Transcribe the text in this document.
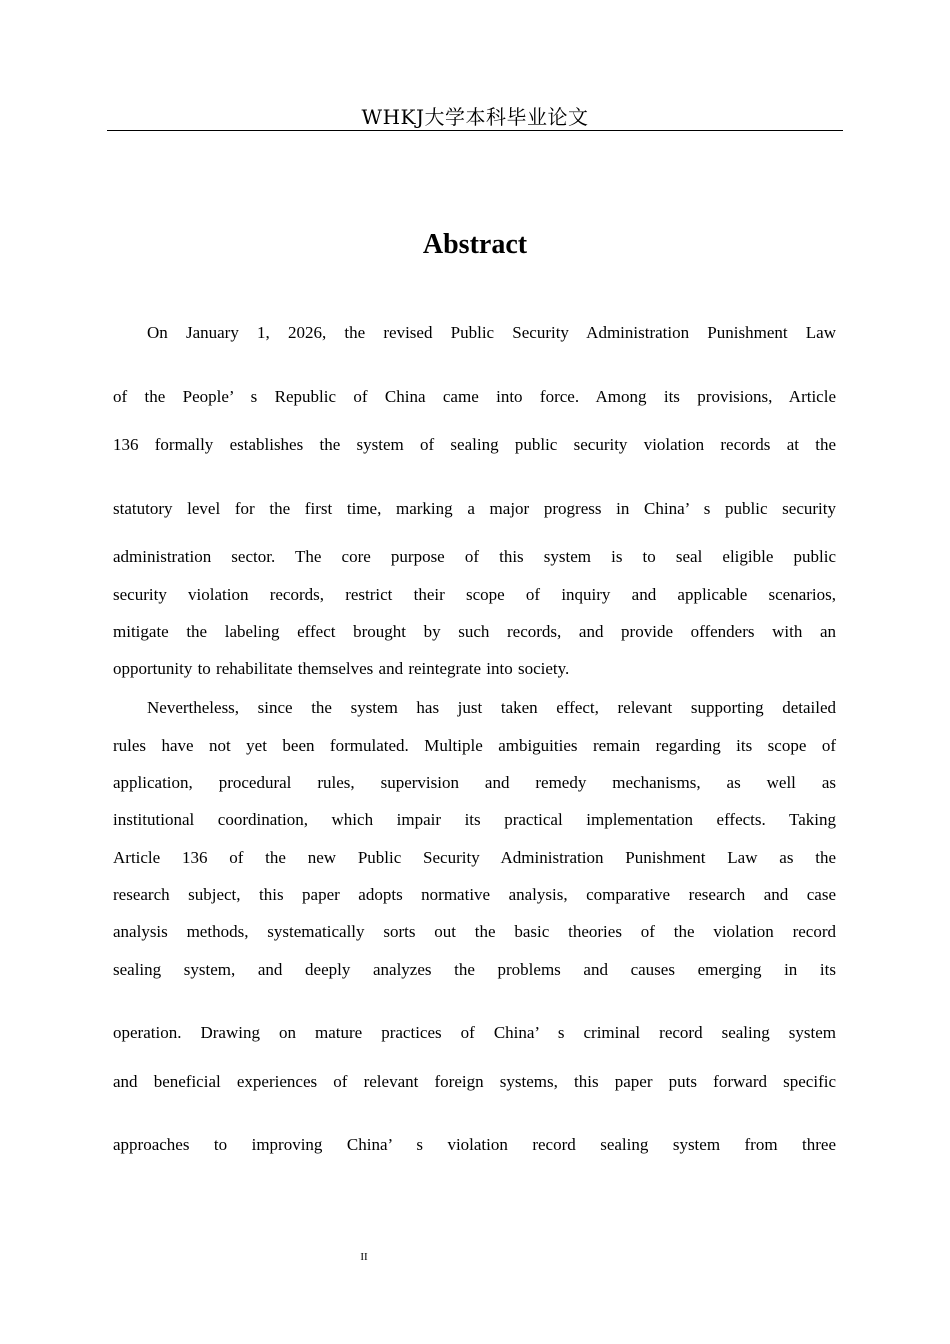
WHKJ大学本科毕业论文
Abstract
On January 1, 2026, the revised Public Security Administration Punishment Law
of the People’ s Republic of China came into force. Among its provisions, Article
136 formally establishes the system of sealing public security violation records at the
statutory level for the first time, marking a major progress in China’ s public security
administration sector. The core purpose of this system is to seal eligible public
security violation records, restrict their scope of inquiry and applicable scenarios,
mitigate the labeling effect brought by such records, and provide offenders with an
opportunity to rehabilitate themselves and reintegrate into society.
Nevertheless, since the system has just taken effect, relevant supporting detailed
rules have not yet been formulated. Multiple ambiguities remain regarding its scope of
application, procedural rules, supervision and remedy mechanisms, as well as
institutional coordination, which impair its practical implementation effects. Taking
Article 136 of the new Public Security Administration Punishment Law as the
research subject, this paper adopts normative analysis, comparative research and case
analysis methods, systematically sorts out the basic theories of the violation record
sealing system, and deeply analyzes the problems and causes emerging in its
operation. Drawing on mature practices of China’ s criminal record sealing system
and beneficial experiences of relevant foreign systems, this paper puts forward specific
approaches to improving China’ s violation record sealing system from three
II
